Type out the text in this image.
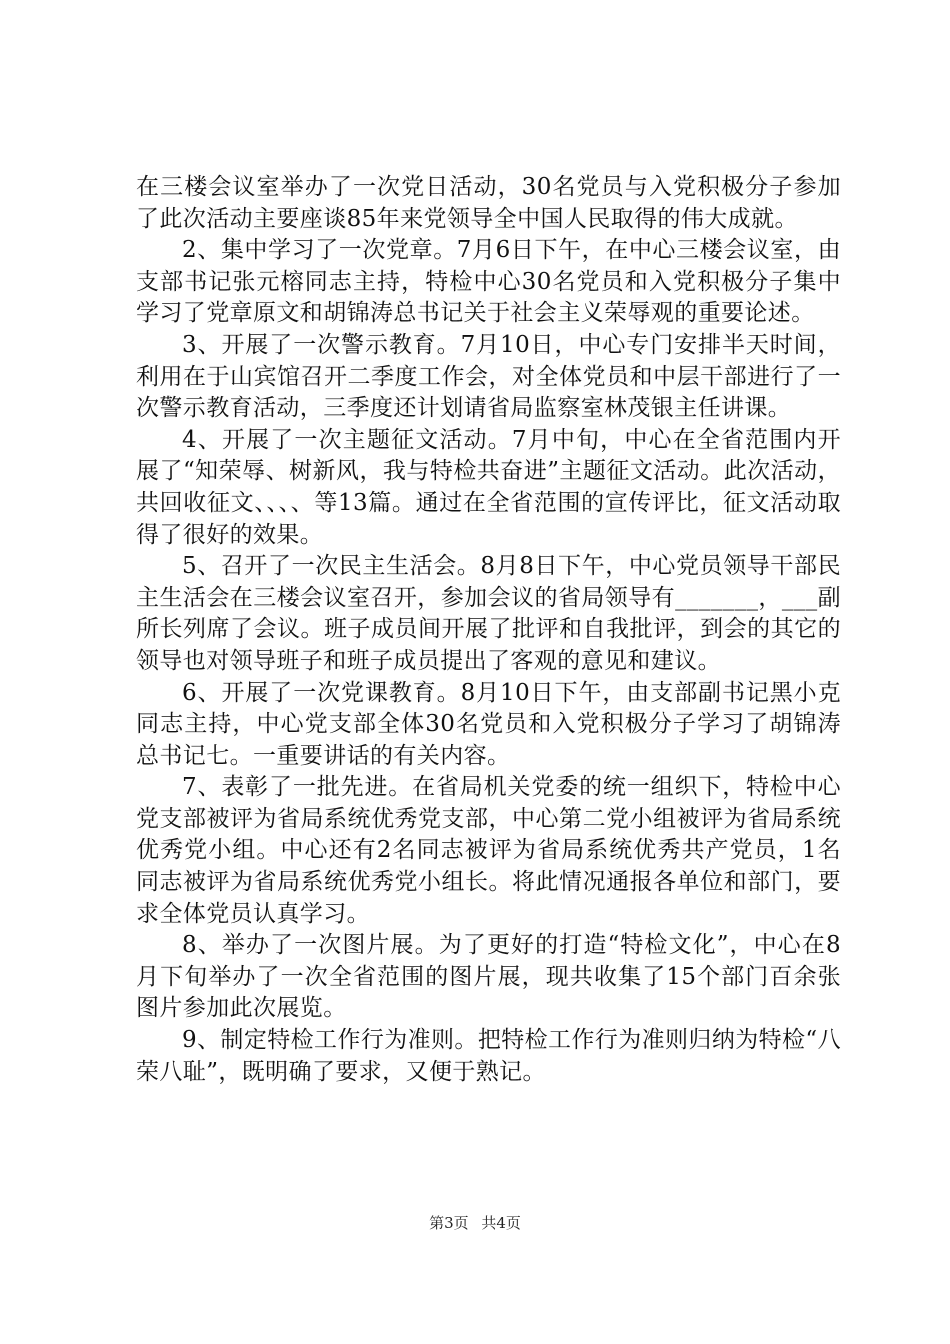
在三楼会议室举办了一次党日活动，30名党员与入党积极分子参加了此次活动主要座谈85年来党领导全中国人民取得的伟大成就。

2、集中学习了一次党章。7月6日下午，在中心三楼会议室，由支部书记张元榕同志主持，特检中心30名党员和入党积极分子集中学习了党章原文和胡锦涛总书记关于社会主义荣辱观的重要论述。

3、开展了一次警示教育。7月10日，中心专门安排半天时间，利用在于山宾馆召开二季度工作会，对全体党员和中层干部进行了一次警示教育活动，三季度还计划请省局监察室林茂银主任讲课。

4、开展了一次主题征文活动。7月中旬，中心在全省范围内开展了“知荣辱、树新风，我与特检共奋进”主题征文活动。此次活动，共回收征文、、、、等13篇。通过在全省范围的宣传评比，征文活动取得了很好的效果。

5、召开了一次民主生活会。8月8日下午，中心党员领导干部民主生活会在三楼会议室召开，参加会议的省局领导有_______，___副所长列席了会议。班子成员间开展了批评和自我批评，到会的其它的领导也对领导班子和班子成员提出了客观的意见和建议。

6、开展了一次党课教育。8月10日下午，由支部副书记黑小克同志主持，中心党支部全体30名党员和入党积极分子学习了胡锦涛总书记七。一重要讲话的有关内容。

7、表彰了一批先进。在省局机关党委的统一组织下，特检中心党支部被评为省局系统优秀党支部，中心第二党小组被评为省局系统优秀党小组。中心还有2名同志被评为省局系统优秀共产党员，1名同志被评为省局系统优秀党小组长。将此情况通报各单位和部门，要求全体党员认真学习。

8、举办了一次图片展。为了更好的打造“特检文化”，中心在8月下旬举办了一次全省范围的图片展，现共收集了15个部门百余张图片参加此次展览。

9、制定特检工作行为准则。把特检工作行为准则归纳为特检“八荣八耻”，既明确了要求，又便于熟记。

第3页 共4页
